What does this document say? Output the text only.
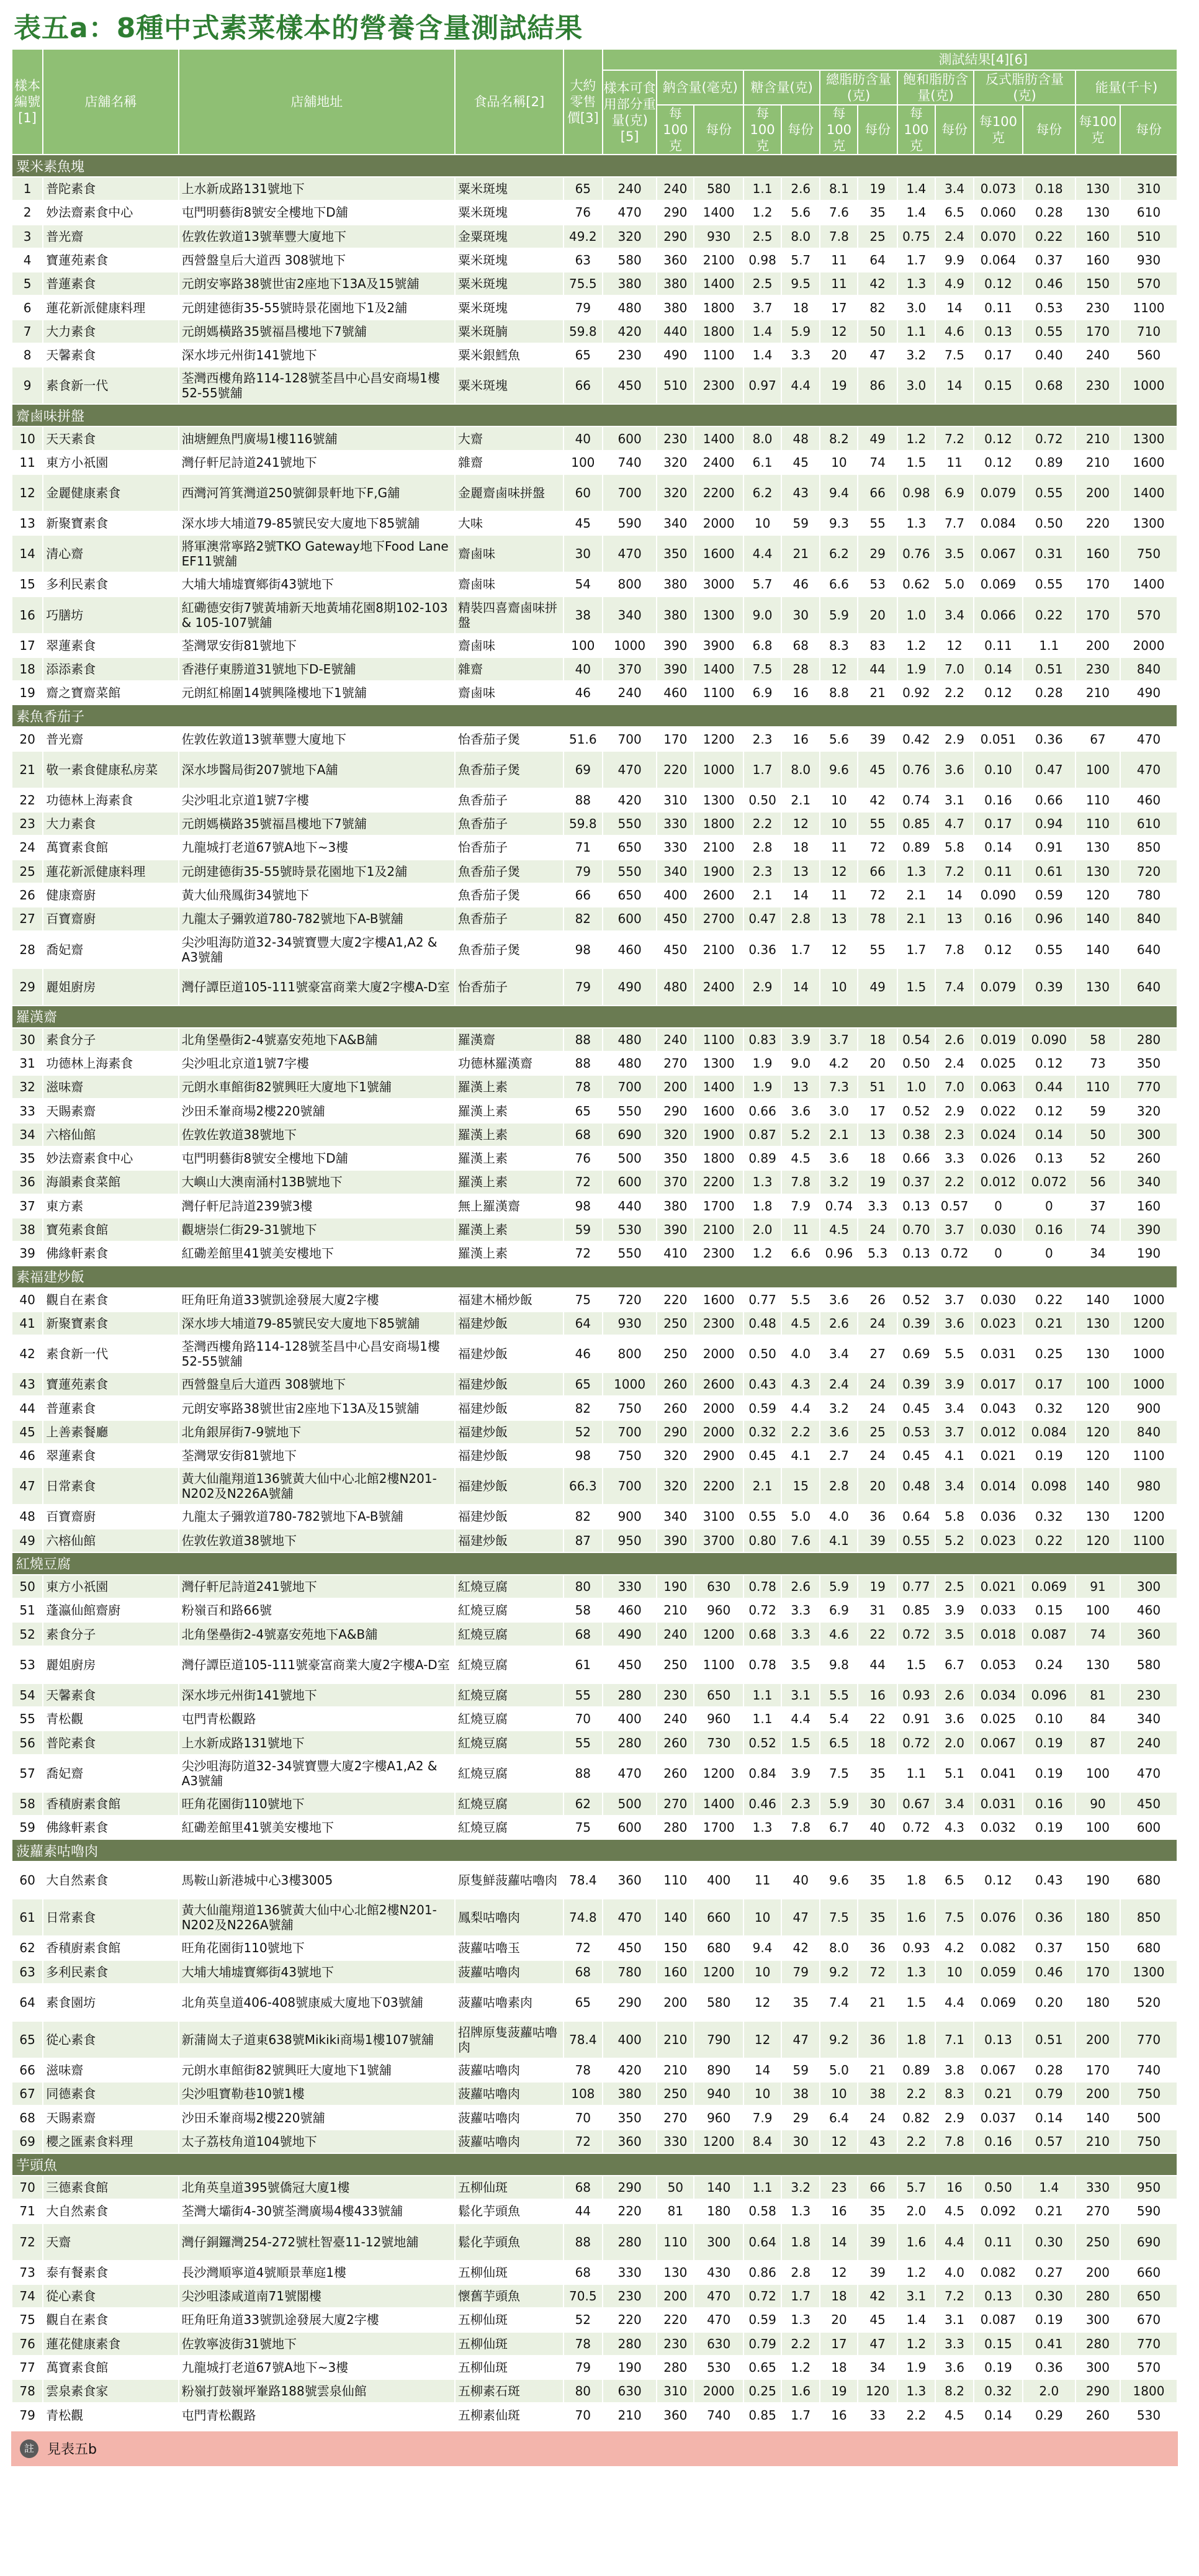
表五a：8種中式素菜樣本的營養含量測試結果
樣本編號[1]	店舖名稱	店舖地址	食品名稱[2]	大約零售價[3]	測試結果[4][6]												
					樣本可食用部分重量(克)[5]	鈉含量(毫克)		糖含量(克)		總脂肪含量(克)		飽和脂肪含量(克)		反式脂肪含量(克)		能量(千卡)	
						每100克	每份	每100克	每份	每100克	每份	每100克	每份	每100克	每份	每100克	每份
粟米素魚塊																	
1	普陀素食	上水新成路131號地下	粟米斑塊	65	240	240	580	1.1	2.6	8.1	19	1.4	3.4	0.073	0.18	130	310
2	妙法齋素食中心	屯門明藝街8號安全樓地下D舖	粟米斑塊	76	470	290	1400	1.2	5.6	7.6	35	1.4	6.5	0.060	0.28	130	610
3	普光齋	佐敦佐敦道13號華豐大廈地下	金粟斑塊	49.2	320	290	930	2.5	8.0	7.8	25	0.75	2.4	0.070	0.22	160	510
4	寶蓮苑素食	西營盤皇后大道西 308號地下	粟米斑塊	63	580	360	2100	0.98	5.7	11	64	1.7	9.9	0.064	0.37	160	930
5	普蓮素食	元朗安寧路38號世宙2座地下13A及15號舖	粟米斑塊	75.5	380	380	1400	2.5	9.5	11	42	1.3	4.9	0.12	0.46	150	570
6	蓮花新派健康料理	元朗建德街35-55號時景花園地下1及2舖	粟米斑塊	79	480	380	1800	3.7	18	17	82	3.0	14	0.11	0.53	230	1100
7	大力素食	元朗媽橫路35號福昌樓地下7號舖	粟米斑腩	59.8	420	440	1800	1.4	5.9	12	50	1.1	4.6	0.13	0.55	170	710
8	天馨素食	深水埗元州街141號地下	粟米銀鱈魚	65	230	490	1100	1.4	3.3	20	47	3.2	7.5	0.17	0.40	240	560
9	素食新一代	荃灣西樓角路114-128號荃昌中心昌安商場1樓52-55號舖	粟米斑塊	66	450	510	2300	0.97	4.4	19	86	3.0	14	0.15	0.68	230	1000
齋鹵味拼盤																	
10	天天素食	油塘鯉魚門廣場1樓116號舖	大齋	40	600	230	1400	8.0	48	8.2	49	1.2	7.2	0.12	0.72	210	1300
11	東方小祇園	灣仔軒尼詩道241號地下	雜齋	100	740	320	2400	6.1	45	10	74	1.5	11	0.12	0.89	210	1600
12	金麗健康素食	西灣河筲箕灣道250號御景軒地下F,G舖	金麗齋鹵味拼盤	60	700	320	2200	6.2	43	9.4	66	0.98	6.9	0.079	0.55	200	1400
13	新聚寶素食	深水埗大埔道79-85號民安大廈地下85號舖	大味	45	590	340	2000	10	59	9.3	55	1.3	7.7	0.084	0.50	220	1300
14	清心齋	將軍澳常寧路2號TKO Gateway地下Food Lane EF11號舖	齋鹵味	30	470	350	1600	4.4	21	6.2	29	0.76	3.5	0.067	0.31	160	750
15	多利民素食	大埔大埔墟寶鄉街43號地下	齋鹵味	54	800	380	3000	5.7	46	6.6	53	0.62	5.0	0.069	0.55	170	1400
16	巧膳坊	紅磡德安街7號黃埔新天地黃埔花園8期102-103 & 105-107號舖	精裝四喜齋鹵味拼盤	38	340	380	1300	9.0	30	5.9	20	1.0	3.4	0.066	0.22	170	570
17	翠蓮素食	荃灣眾安街81號地下	齋鹵味	100	1000	390	3900	6.8	68	8.3	83	1.2	12	0.11	1.1	200	2000
18	添添素食	香港仔東勝道31號地下D-E號舖	雜齋	40	370	390	1400	7.5	28	12	44	1.9	7.0	0.14	0.51	230	840
19	齋之寶齋菜館	元朗紅棉圍14號興隆樓地下1號舖	齋鹵味	46	240	460	1100	6.9	16	8.8	21	0.92	2.2	0.12	0.28	210	490
素魚香茄子																	
20	普光齋	佐敦佐敦道13號華豐大廈地下	怡香茄子煲	51.6	700	170	1200	2.3	16	5.6	39	0.42	2.9	0.051	0.36	67	470
21	敬一素食健康私房菜	深水埗醫局街207號地下A舖	魚香茄子煲	69	470	220	1000	1.7	8.0	9.6	45	0.76	3.6	0.10	0.47	100	470
22	功德林上海素食	尖沙咀北京道1號7字樓	魚香茄子	88	420	310	1300	0.50	2.1	10	42	0.74	3.1	0.16	0.66	110	460
23	大力素食	元朗媽橫路35號福昌樓地下7號舖	魚香茄子	59.8	550	330	1800	2.2	12	10	55	0.85	4.7	0.17	0.94	110	610
24	萬寶素食館	九龍城打老道67號A地下~3樓	怡香茄子	71	650	330	2100	2.8	18	11	72	0.89	5.8	0.14	0.91	130	850
25	蓮花新派健康料理	元朗建德街35-55號時景花園地下1及2舖	魚香茄子煲	79	550	340	1900	2.3	13	12	66	1.3	7.2	0.11	0.61	130	720
26	健康齋廚	黃大仙飛鳳街34號地下	魚香茄子煲	66	650	400	2600	2.1	14	11	72	2.1	14	0.090	0.59	120	780
27	百寶齋廚	九龍太子彌敦道780-782號地下A-B號舖	魚香茄子	82	600	450	2700	0.47	2.8	13	78	2.1	13	0.16	0.96	140	840
28	喬妃齋	尖沙咀海防道32-34號寶豐大廈2字樓A1,A2 & A3號舖	魚香茄子煲	98	460	450	2100	0.36	1.7	12	55	1.7	7.8	0.12	0.55	140	640
29	麗姐廚房	灣仔譚臣道105-111號豪富商業大廈2字樓A-D室	怡香茄子	79	490	480	2400	2.9	14	10	49	1.5	7.4	0.079	0.39	130	640
羅漢齋																	
30	素食分子	北角堡壘街2-4號嘉安苑地下A&B舖	羅漢齋	88	480	240	1100	0.83	3.9	3.7	18	0.54	2.6	0.019	0.090	58	280
31	功德林上海素食	尖沙咀北京道1號7字樓	功德林羅漢齋	88	480	270	1300	1.9	9.0	4.2	20	0.50	2.4	0.025	0.12	73	350
32	滋味齋	元朗水車館街82號興旺大廈地下1號舖	羅漢上素	78	700	200	1400	1.9	13	7.3	51	1.0	7.0	0.063	0.44	110	770
33	天賜素齋	沙田禾輋商場2樓220號舖	羅漢上素	65	550	290	1600	0.66	3.6	3.0	17	0.52	2.9	0.022	0.12	59	320
34	六榕仙館	佐敦佐敦道38號地下	羅漢上素	68	690	320	1900	0.87	5.2	2.1	13	0.38	2.3	0.024	0.14	50	300
35	妙法齋素食中心	屯門明藝街8號安全樓地下D舖	羅漢上素	76	500	350	1800	0.89	4.5	3.6	18	0.66	3.3	0.026	0.13	52	260
36	海韻素食菜館	大嶼山大澳南涌村13B號地下	羅漢上素	72	600	370	2200	1.3	7.8	3.2	19	0.37	2.2	0.012	0.072	56	340
37	東方素	灣仔軒尼詩道239號3樓	無上羅漢齋	98	440	380	1700	1.8	7.9	0.74	3.3	0.13	0.57	0	0	37	160
38	寶苑素食館	觀塘崇仁街29-31號地下	羅漢上素	59	530	390	2100	2.0	11	4.5	24	0.70	3.7	0.030	0.16	74	390
39	佛緣軒素食	紅磡差館里41號美安樓地下	羅漢上素	72	550	410	2300	1.2	6.6	0.96	5.3	0.13	0.72	0	0	34	190
素福建炒飯																	
40	觀自在素食	旺角旺角道33號凱途發展大廈2字樓	福建木桶炒飯	75	720	220	1600	0.77	5.5	3.6	26	0.52	3.7	0.030	0.22	140	1000
41	新聚寶素食	深水埗大埔道79-85號民安大廈地下85號舖	福建炒飯	64	930	250	2300	0.48	4.5	2.6	24	0.39	3.6	0.023	0.21	130	1200
42	素食新一代	荃灣西樓角路114-128號荃昌中心昌安商場1樓52-55號舖	福建炒飯	46	800	250	2000	0.50	4.0	3.4	27	0.69	5.5	0.031	0.25	130	1000
43	寶蓮苑素食	西營盤皇后大道西 308號地下	福建炒飯	65	1000	260	2600	0.43	4.3	2.4	24	0.39	3.9	0.017	0.17	100	1000
44	普蓮素食	元朗安寧路38號世宙2座地下13A及15號舖	福建炒飯	82	750	260	2000	0.59	4.4	3.2	24	0.45	3.4	0.043	0.32	120	900
45	上善素餐廳	北角銀屏街7-9號地下	福建炒飯	52	700	290	2000	0.32	2.2	3.6	25	0.53	3.7	0.012	0.084	120	840
46	翠蓮素食	荃灣眾安街81號地下	福建炒飯	98	750	320	2900	0.45	4.1	2.7	24	0.45	4.1	0.021	0.19	120	1100
47	日常素食	黃大仙龍翔道136號黃大仙中心北館2樓N201-N202及N226A號舖	福建炒飯	66.3	700	320	2200	2.1	15	2.8	20	0.48	3.4	0.014	0.098	140	980
48	百寶齋廚	九龍太子彌敦道780-782號地下A-B號舖	福建炒飯	82	900	340	3100	0.55	5.0	4.0	36	0.64	5.8	0.036	0.32	130	1200
49	六榕仙館	佐敦佐敦道38號地下	福建炒飯	87	950	390	3700	0.80	7.6	4.1	39	0.55	5.2	0.023	0.22	120	1100
紅燒豆腐																	
50	東方小祇園	灣仔軒尼詩道241號地下	紅燒豆腐	80	330	190	630	0.78	2.6	5.9	19	0.77	2.5	0.021	0.069	91	300
51	蓬瀛仙館齋廚	粉嶺百和路66號	紅燒豆腐	58	460	210	960	0.72	3.3	6.9	31	0.85	3.9	0.033	0.15	100	460
52	素食分子	北角堡壘街2-4號嘉安苑地下A&B舖	紅燒豆腐	68	490	240	1200	0.68	3.3	4.6	22	0.72	3.5	0.018	0.087	74	360
53	麗姐廚房	灣仔譚臣道105-111號豪富商業大廈2字樓A-D室	紅燒豆腐	61	450	250	1100	0.78	3.5	9.8	44	1.5	6.7	0.053	0.24	130	580
54	天馨素食	深水埗元州街141號地下	紅燒豆腐	55	280	230	650	1.1	3.1	5.5	16	0.93	2.6	0.034	0.096	81	230
55	青松觀	屯門青松觀路	紅燒豆腐	70	400	240	960	1.1	4.4	5.4	22	0.91	3.6	0.025	0.10	84	340
56	普陀素食	上水新成路131號地下	紅燒豆腐	55	280	260	730	0.52	1.5	6.5	18	0.72	2.0	0.067	0.19	87	240
57	喬妃齋	尖沙咀海防道32-34號寶豐大廈2字樓A1,A2 & A3號舖	紅燒豆腐	88	470	260	1200	0.84	3.9	7.5	35	1.1	5.1	0.041	0.19	100	470
58	香積廚素食館	旺角花園街110號地下	紅燒豆腐	62	500	270	1400	0.46	2.3	5.9	30	0.67	3.4	0.031	0.16	90	450
59	佛緣軒素食	紅磡差館里41號美安樓地下	紅燒豆腐	75	600	280	1700	1.3	7.8	6.7	40	0.72	4.3	0.032	0.19	100	600
菠蘿素咕嚕肉																	
60	大自然素食	馬鞍山新港城中心3樓3005	原隻鮮菠蘿咕嚕肉	78.4	360	110	400	11	40	9.6	35	1.8	6.5	0.12	0.43	190	680
61	日常素食	黃大仙龍翔道136號黃大仙中心北館2樓N201-N202及N226A號舖	鳳梨咕嚕肉	74.8	470	140	660	10	47	7.5	35	1.6	7.5	0.076	0.36	180	850
62	香積廚素食館	旺角花園街110號地下	菠蘿咕嚕玉	72	450	150	680	9.4	42	8.0	36	0.93	4.2	0.082	0.37	150	680
63	多利民素食	大埔大埔墟寶鄉街43號地下	菠蘿咕嚕肉	68	780	160	1200	10	79	9.2	72	1.3	10	0.059	0.46	170	1300
64	素食園坊	北角英皇道406-408號康威大廈地下03號舖	菠蘿咕嚕素肉	65	290	200	580	12	35	7.4	21	1.5	4.4	0.069	0.20	180	520
65	從心素食	新蒲崗太子道東638號Mikiki商場1樓107號舖	招牌原隻菠蘿咕嚕肉	78.4	400	210	790	12	47	9.2	36	1.8	7.1	0.13	0.51	200	770
66	滋味齋	元朗水車館街82號興旺大廈地下1號舖	菠蘿咕嚕肉	78	420	210	890	14	59	5.0	21	0.89	3.8	0.067	0.28	170	740
67	同德素食	尖沙咀寶勒巷10號1樓	菠蘿咕嚕肉	108	380	250	940	10	38	10	38	2.2	8.3	0.21	0.79	200	750
68	天賜素齋	沙田禾輋商場2樓220號舖	菠蘿咕嚕肉	70	350	270	960	7.9	29	6.4	24	0.82	2.9	0.037	0.14	140	500
69	櫻之匯素食料理	太子荔枝角道104號地下	菠蘿咕嚕肉	72	360	330	1200	8.4	30	12	43	2.2	7.8	0.16	0.57	210	750
芋頭魚																	
70	三德素食館	北角英皇道395號僑冠大廈1樓	五柳仙斑	68	290	50	140	1.1	3.2	23	66	5.7	16	0.50	1.4	330	950
71	大自然素食	荃灣大壩街4-30號荃灣廣場4樓433號舖	鬆化芋頭魚	44	220	81	180	0.58	1.3	16	35	2.0	4.5	0.092	0.21	270	590
72	天齋	灣仔銅鑼灣254-272號杜智臺11-12號地舖	鬆化芋頭魚	88	280	110	300	0.64	1.8	14	39	1.6	4.4	0.11	0.30	250	690
73	泰有餐素食	長沙灣順寧道4號順景華庭1樓	五柳仙斑	68	330	130	430	0.86	2.8	12	39	1.2	4.0	0.082	0.27	200	660
74	從心素食	尖沙咀漆咸道南71號閣樓	懷舊芋頭魚	70.5	230	200	470	0.72	1.7	18	42	3.1	7.2	0.13	0.30	280	650
75	觀自在素食	旺角旺角道33號凱途發展大廈2字樓	五柳仙斑	52	220	220	470	0.59	1.3	20	45	1.4	3.1	0.087	0.19	300	670
76	蓮花健康素食	佐敦寧波街31號地下	五柳仙斑	78	280	230	630	0.79	2.2	17	47	1.2	3.3	0.15	0.41	280	770
77	萬寶素食館	九龍城打老道67號A地下~3樓	五柳仙斑	79	190	280	530	0.65	1.2	18	34	1.9	3.6	0.19	0.36	300	570
78	雲泉素食家	粉嶺打鼓嶺坪輋路188號雲泉仙館	五柳素石斑	80	630	310	2000	0.25	1.6	19	120	1.3	8.2	0.32	2.0	290	1800
79	青松觀	屯門青松觀路	五柳素仙斑	70	210	360	740	0.85	1.7	16	33	2.2	4.5	0.14	0.29	260	530
註 見表五b
